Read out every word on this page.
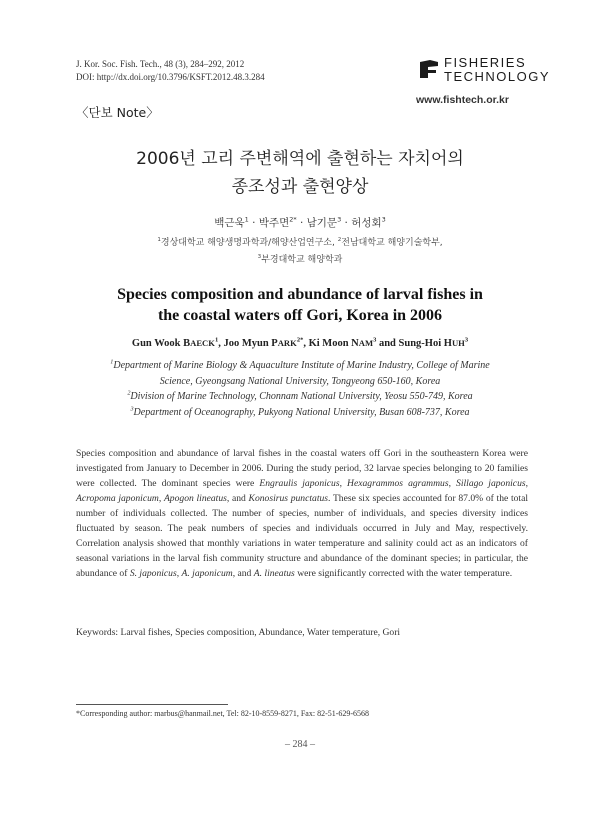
J. Kor. Soc. Fish. Tech., 48 (3), 284–292, 2012
DOI: http://dx.doi.org/10.3796/KSFT.2012.48.3.284
FISHERIES
TECHNOLOGY
www.fishtech.or.kr
〈단보 Note〉
2006년 고리 주변해역에 출현하는 자치어의
종조성과 출현양상
백근욱$^1$ · 박주면$^{2*}$ · 남기문$^3$ · 허성회$^3$
$^1$경상대학교 해양생명과학과/해양산업연구소, $^2$전남대학교 해양기술학부,
$^3$부경대학교 해양학과
Species composition and abundance of larval fishes in
the coastal waters off Gori, Korea in 2006
Gun Wook BAECK$^1$, Joo Myun $PARK^{2*}$, Ki Moon NAM$^3$ and Sung-Hoi HUH$^3$
$^1$Department of Marine Biology & Aquaculture Institute of Marine Industry, College of Marine
Science, Gyeongsang National University, Tongyeong 650-160, Korea
$^2$Division of Marine Technology, Chonnam National University, Yeosu 550-749, Korea
$^3$Department of Oceanography, Pukyong National University, Busan 608-737, Korea
Species composition and abundance of larval fishes in the coastal waters off Gori in the southeastern Korea were investigated from January to December in 2006. During the study period, 32 larvae species belonging to 20 families were collected. The dominant species were Engraulis japonicus, Hexagrammos agrammus, Sillago japonicus, Acropoma japonicum, Apogon lineatus, and Konosirus punctatus. These six species accounted for 87.0% of the total number of individuals collected. The number of species, number of individuals, and species diversity indices fluctuated by season. The peak numbers of species and individuals occurred in July and May, respectively. Correlation analysis showed that monthly variations in water temperature and salinity could act as an indicators of seasonal variations in the larval fish community structure and abundance of the dominant species; in particular, the abundance of S. japonicus, A. japonicum, and A. lineatus were significantly corrected with the water temperature.
Keywords: Larval fishes, Species composition, Abundance, Water temperature, Gori
*Corresponding author: marbus@hanmail.net, Tel: 82-10-8559-8271, Fax: 82-51-629-6568
– 284 –
